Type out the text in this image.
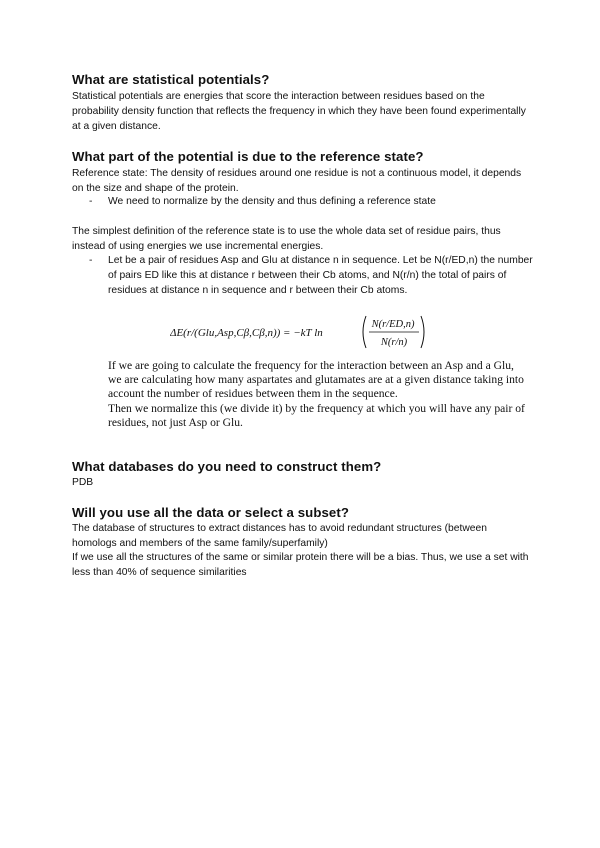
What are statistical potentials?

Statistical potentials are energies that score the interaction between residues based on the probability density function that reflects the frequency in which they have been found experimentally at a given distance.

What part of the potential is due to the reference state?

Reference state: The density of residues around one residue is not a continuous model, it depends on the size and shape of the protein.

- We need to normalize by the density and thus defining a reference state

The simplest definition of the reference state is to use the whole data set of residue pairs, thus instead of using energies we use incremental energies.

- Let be a pair of residues Asp and Glu at distance n in sequence. Let be N(r/ED,n) the number of pairs ED like this at distance r between their Cb atoms, and N(r/n) the total of pairs of residues at distance n in sequence and r between their Cb atoms.

ΔE(r/(Glu,Asp,Cβ,Cβ,n)) = −kT ln
N(r/ED,n)
N(r/n)

If we are going to calculate the frequency for the interaction between an Asp and a Glu, we are calculating how many aspartates and glutamates are at a given distance taking into account the number of residues between them in the sequence.

Then we normalize this (we divide it) by the frequency at which you will have any pair of residues, not just Asp or Glu.

What databases do you need to construct them?

PDB

Will you use all the data or select a subset?

The database of structures to extract distances has to avoid redundant structures (between homologs and members of the same family/superfamily)

If we use all the structures of the same or similar protein there will be a bias. Thus, we use a set with less than 40% of sequence similarities
